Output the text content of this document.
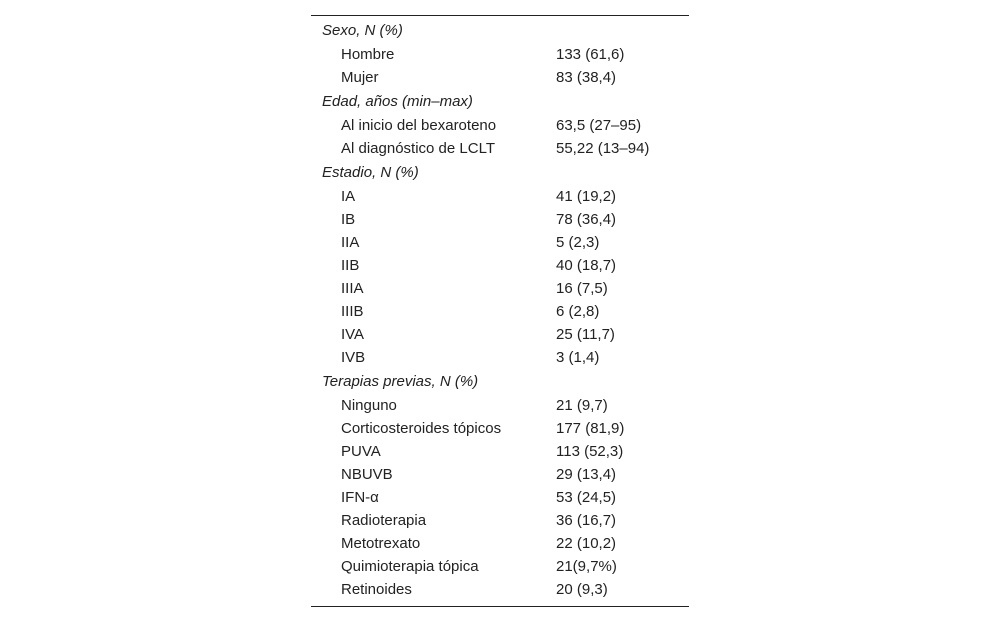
Sexo, N (%)	
Hombre	133 (61,6)
Mujer	83 (38,4)
Edad, años (min–max)	
Al inicio del bexaroteno	63,5 (27–95)
Al diagnóstico de LCLT	55,22 (13–94)
Estadio, N (%)	
IA	41 (19,2)
IB	78 (36,4)
IIA	5 (2,3)
IIB	40 (18,7)
IIIA	16 (7,5)
IIIB	6 (2,8)
IVA	25 (11,7)
IVB	3 (1,4)
Terapias previas, N (%)	
Ninguno	21 (9,7)
Corticosteroides tópicos	177 (81,9)
PUVA	113 (52,3)
NBUVB	29 (13,4)
IFN-α	53 (24,5)
Radioterapia	36 (16,7)
Metotrexato	22 (10,2)
Quimioterapia tópica	21(9,7%)
Retinoides	20 (9,3)
